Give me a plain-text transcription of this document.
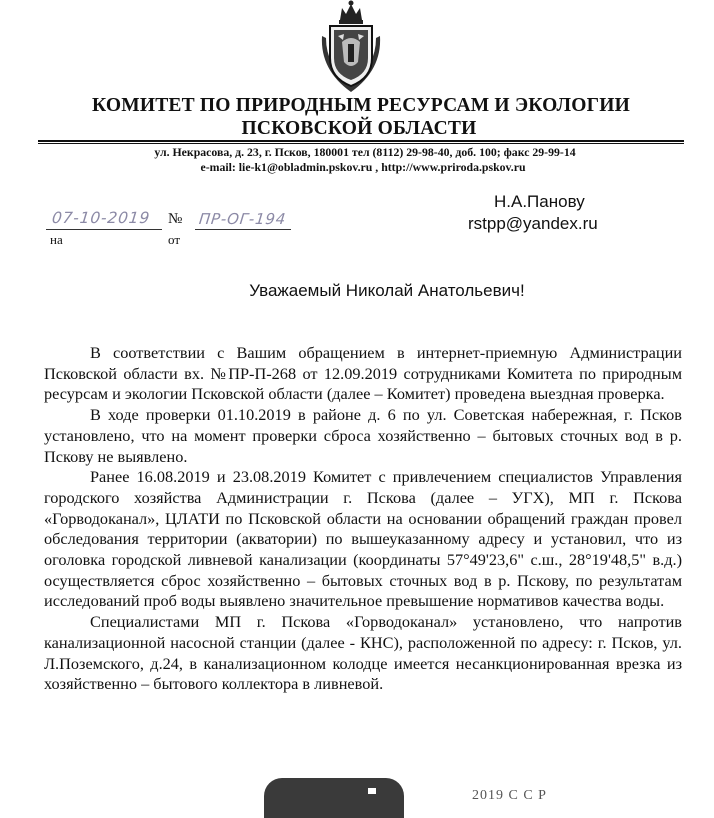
КОМИТЕТ ПО ПРИРОДНЫМ РЕСУРСАМ И ЭКОЛОГИИ
ПСКОВСКОЙ ОБЛАСТИ
ул. Некрасова, д. 23, г. Псков, 180001 тел (8112) 29-98-40, доб. 100; факс 29-99-14
e-mail: lie-k1@obladmin.pskov.ru , http://www.priroda.pskov.ru
07-10-2019 № ПР-ОГ-194
на	от
Н.А.Панову
rstpp@yandex.ru
Уважаемый Николай Анатольевич!

В соответствии с Вашим обращением в интернет-приемную Администрации Псковской области вх. №ПР-П-268 от 12.09.2019 сотрудниками Комитета по природным ресурсам и экологии Псковской области (далее – Комитет) проведена выездная проверка.

В ходе проверки 01.10.2019 в районе д. 6 по ул. Советская набережная, г. Псков установлено, что на момент проверки сброса хозяйственно – бытовых сточных вод в р. Пскову не выявлено.

Ранее 16.08.2019 и 23.08.2019 Комитет с привлечением специалистов Управления городского хозяйства Администрации г. Пскова (далее – УГХ), МП г. Пскова «Горводоканал», ЦЛАТИ по Псковской области на основании обращений граждан провел обследования территории (акватории) по вышеуказанному адресу и установил, что из оголовка городской ливневой канализации (координаты 57°49'23,6" с.ш., 28°19'48,5" в.д.) осуществляется сброс хозяйственно – бытовых сточных вод в р. Пскову, по результатам исследований проб воды выявлено значительное превышение нормативов качества воды.

Специалистами МП г. Пскова «Горводоканал» установлено, что напротив канализационной насосной станции (далее - КНС), расположенной по адресу: г. Псков, ул. Л.Поземского, д.24, в канализационном колодце имеется несанкционированная врезка из хозяйственно – бытового коллектора в ливневой.

2019 С С Р
